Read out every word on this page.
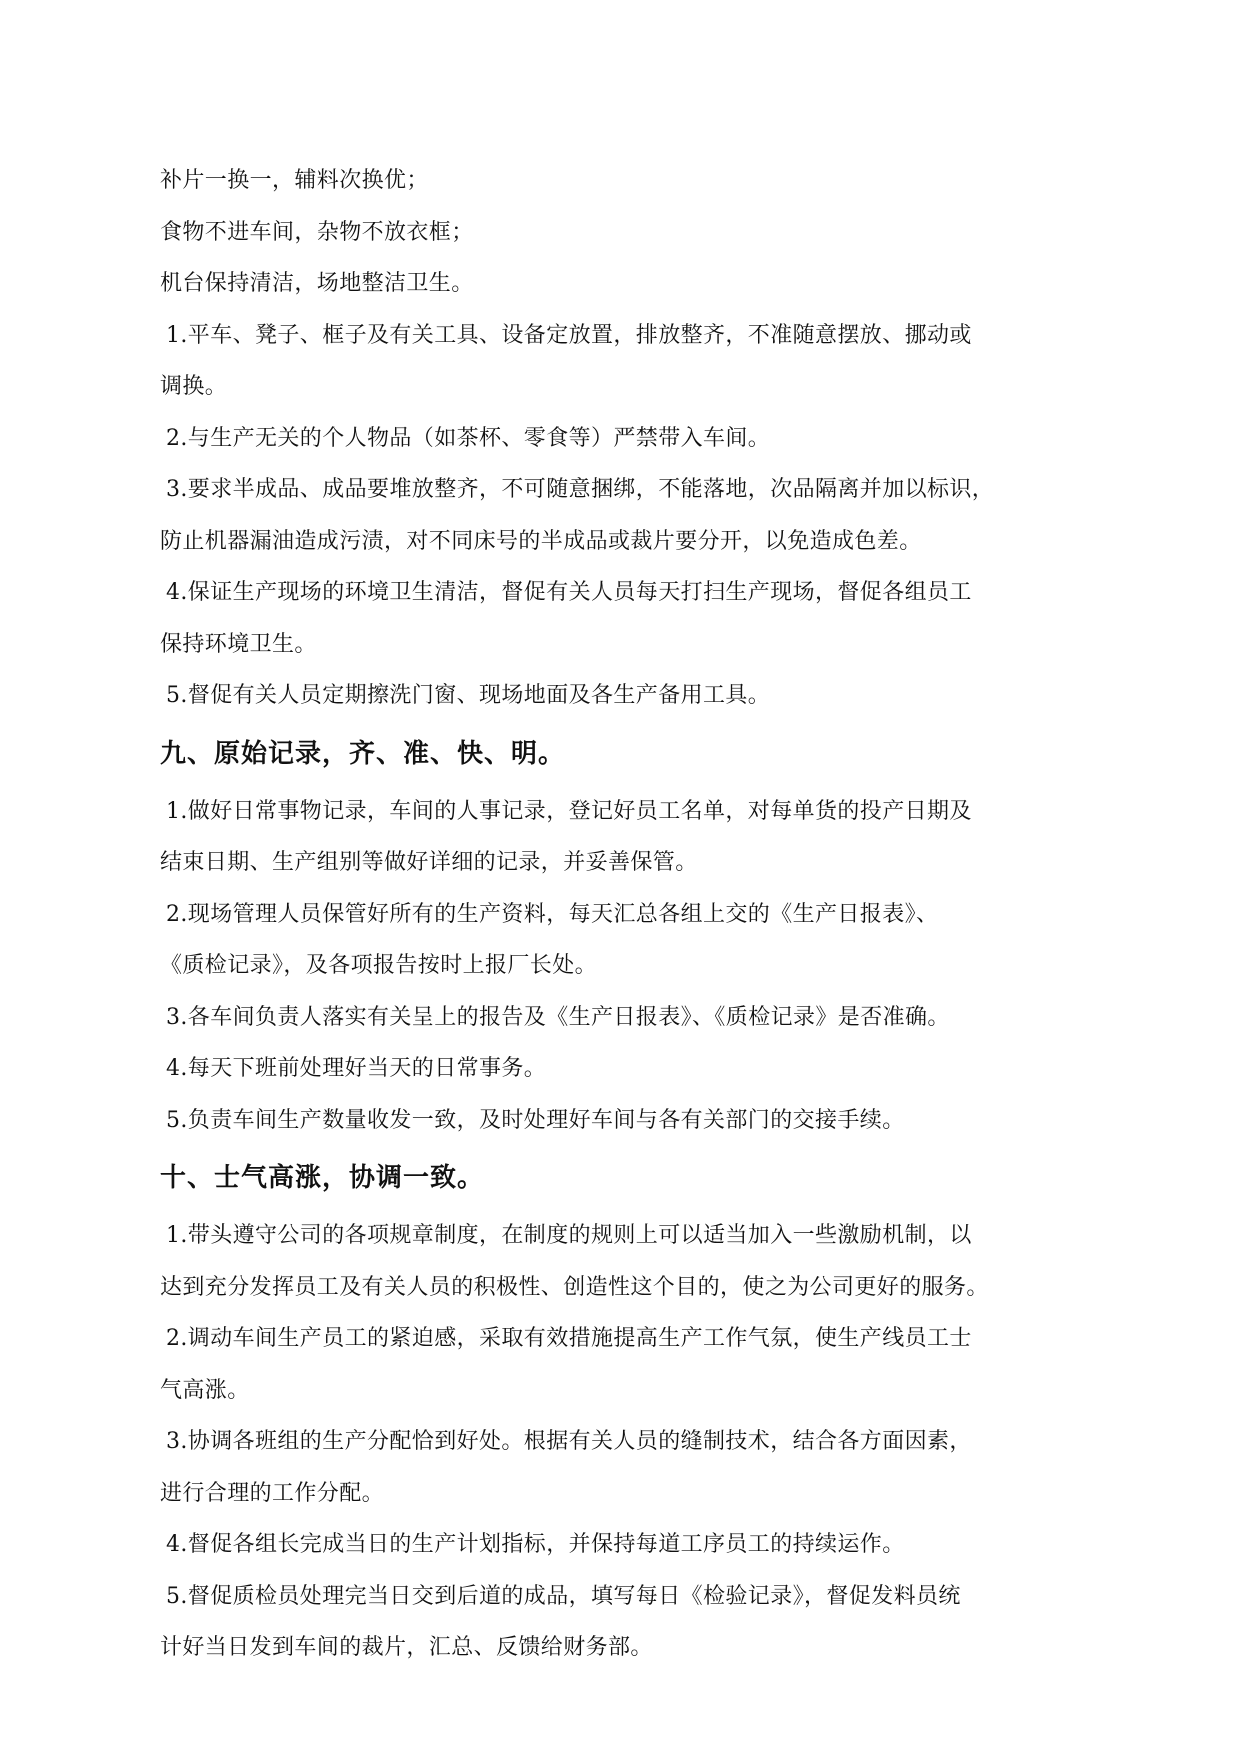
补片一换一，辅料次换优；
食物不进车间，杂物不放衣框；
机台保持清洁，场地整洁卫生。
1.平车、凳子、框子及有关工具、设备定放置，排放整齐，不准随意摆放、挪动或
调换。
2.与生产无关的个人物品（如茶杯、零食等）严禁带入车间。
3.要求半成品、成品要堆放整齐，不可随意捆绑，不能落地，次品隔离并加以标识，
防止机器漏油造成污渍，对不同床号的半成品或裁片要分开，以免造成色差。
4.保证生产现场的环境卫生清洁，督促有关人员每天打扫生产现场，督促各组员工
保持环境卫生。
5.督促有关人员定期擦洗门窗、现场地面及各生产备用工具。
九、原始记录，齐、准、快、明。
1.做好日常事物记录，车间的人事记录，登记好员工名单，对每单货的投产日期及
结束日期、生产组别等做好详细的记录，并妥善保管。
2.现场管理人员保管好所有的生产资料，每天汇总各组上交的《生产日报表》、
《质检记录》，及各项报告按时上报厂长处。
3.各车间负责人落实有关呈上的报告及《生产日报表》、《质检记录》是否准确。
4.每天下班前处理好当天的日常事务。
5.负责车间生产数量收发一致，及时处理好车间与各有关部门的交接手续。
十、士气高涨，协调一致。
1.带头遵守公司的各项规章制度，在制度的规则上可以适当加入一些激励机制，以
达到充分发挥员工及有关人员的积极性、创造性这个目的，使之为公司更好的服务。
2.调动车间生产员工的紧迫感，采取有效措施提高生产工作气氛，使生产线员工士
气高涨。
3.协调各班组的生产分配恰到好处。根据有关人员的缝制技术，结合各方面因素，
进行合理的工作分配。
4.督促各组长完成当日的生产计划指标，并保持每道工序员工的持续运作。
5.督促质检员处理完当日交到后道的成品，填写每日《检验记录》，督促发料员统
计好当日发到车间的裁片，汇总、反馈给财务部。
